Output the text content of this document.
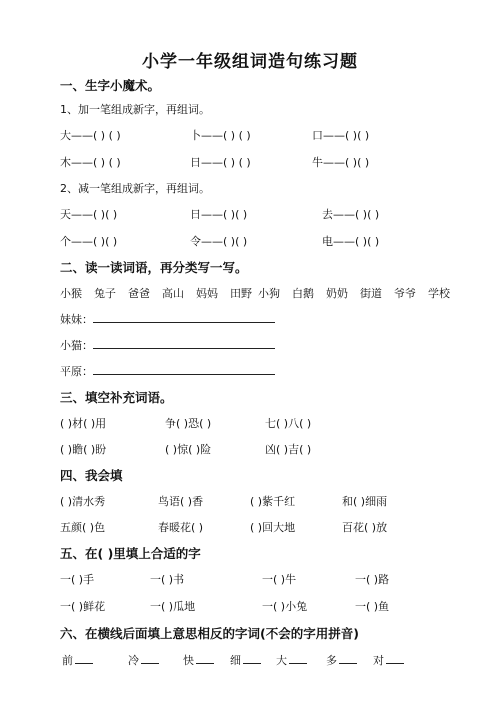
小学一年级组词造句练习题
一、生字小魔术。
1、加一笔组成新字，再组词。
大——( ) ( )	卜——( ) ( )	口——( )( )
木——( ) ( )	日——( ) ( )	牛——( )( )
2、减一笔组成新字，再组词。
天——( )( )	日——( )( )	去——( )( )
个——( )( )	令——( )( )	电——( )( )
二、读一读词语，再分类写一写。
小猴 兔子 爸爸 高山 妈妈 田野 小狗 白鹅 奶奶 街道 爷爷 学校
妹妹：
小猫：
平原：
三、填空补充词语。
( )材( )用	争( )恐( )	七( )八( )
( )瞻( )盼	( )惊( )险	凶( )吉( )
四、我会填
( )清水秀	鸟语( )香	( )紫千红	和( )细雨
五颜( )色	春暖花( )	( )回大地	百花( )放
五、在( )里填上合适的字
一( )手	一( )书	一( )牛	一( )路
一( )鲜花	一( )瓜地	一( )小兔	一( )鱼
六、在横线后面填上意思相反的字词(不会的字用拼音)
前	冷	快	细	大	多	对
